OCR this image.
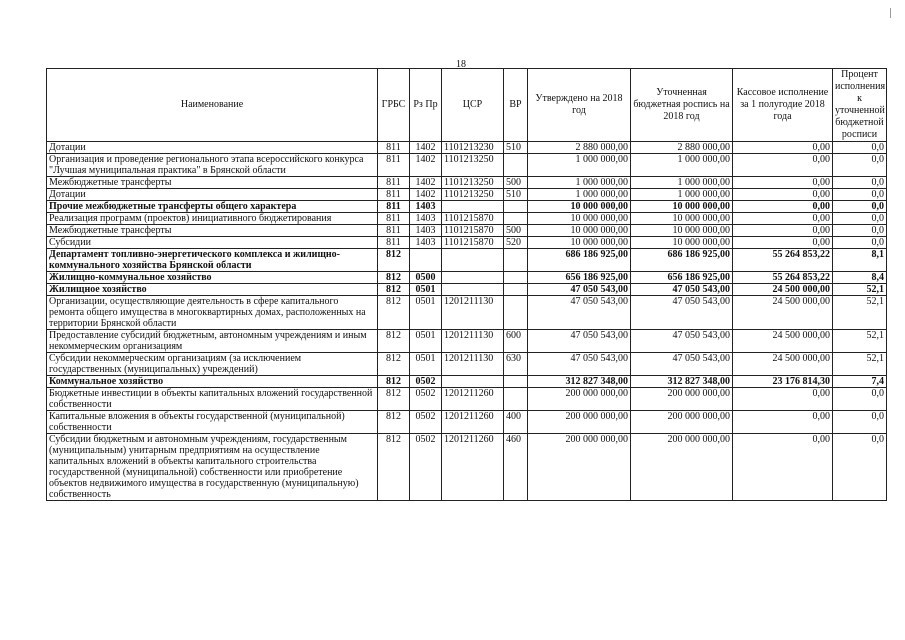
18
Наименование	ГРБС	Рз Пр	ЦСР	ВР	Утверждено на 2018 год	Уточненная бюджетная роспись на 2018 год	Кассовое исполнение за 1 полугодие 2018 года	Процент исполнения к уточненной бюджетной росписи
Дотации	811	1402	1101213230	510	2 880 000,00	2 880 000,00	0,00	0,0
Организация и проведение регионального этапа всероссийского конкурса "Лучшая муниципальная практика" в Брянской области	811	1402	1101213250		1 000 000,00	1 000 000,00	0,00	0,0
Межбюджетные трансферты	811	1402	1101213250	500	1 000 000,00	1 000 000,00	0,00	0,0
Дотации	811	1402	1101213250	510	1 000 000,00	1 000 000,00	0,00	0,0
Прочие межбюджетные трансферты общего характера	811	1403			10 000 000,00	10 000 000,00	0,00	0,0
Реализация программ (проектов) инициативного бюджетирования	811	1403	1101215870		10 000 000,00	10 000 000,00	0,00	0,0
Межбюджетные трансферты	811	1403	1101215870	500	10 000 000,00	10 000 000,00	0,00	0,0
Субсидии	811	1403	1101215870	520	10 000 000,00	10 000 000,00	0,00	0,0
Департамент топливно-энергетического комплекса и жилищно-коммунального хозяйства Брянской области	812				686 186 925,00	686 186 925,00	55 264 853,22	8,1
Жилищно-коммунальное хозяйство	812	0500			656 186 925,00	656 186 925,00	55 264 853,22	8,4
Жилищное хозяйство	812	0501			47 050 543,00	47 050 543,00	24 500 000,00	52,1
Организации, осуществляющие деятельность в сфере капитального ремонта общего имущества в многоквартирных домах, расположенных на территории Брянской области	812	0501	1201211130		47 050 543,00	47 050 543,00	24 500 000,00	52,1
Предоставление субсидий бюджетным, автономным учреждениям и иным некоммерческим организациям	812	0501	1201211130	600	47 050 543,00	47 050 543,00	24 500 000,00	52,1
Субсидии некоммерческим организациям (за исключением государственных (муниципальных) учреждений)	812	0501	1201211130	630	47 050 543,00	47 050 543,00	24 500 000,00	52,1
Коммунальное хозяйство	812	0502			312 827 348,00	312 827 348,00	23 176 814,30	7,4
Бюджетные инвестиции в объекты капитальных вложений государственной собственности	812	0502	1201211260		200 000 000,00	200 000 000,00	0,00	0,0
Капитальные вложения в объекты государственной (муниципальной) собственности	812	0502	1201211260	400	200 000 000,00	200 000 000,00	0,00	0,0
Субсидии бюджетным и автономным учреждениям, государственным (муниципальным) унитарным предприятиям на осуществление капитальных вложений в объекты капитального строительства государственной (муниципальной) собственности или приобретение объектов недвижимого имущества в государственную (муниципальную) собственность	812	0502	1201211260	460	200 000 000,00	200 000 000,00	0,00	0,0
